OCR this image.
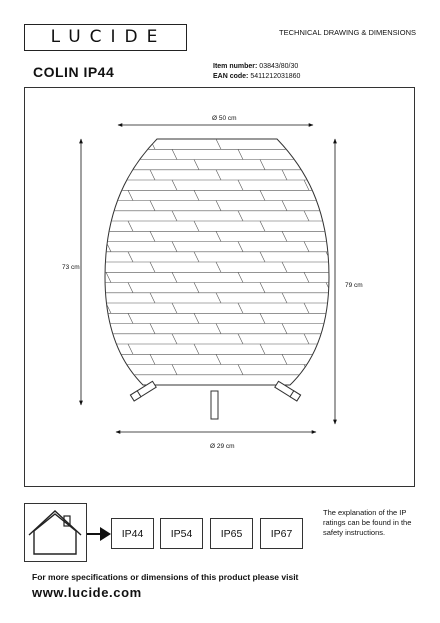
LUCIDE	TECHNICAL DRAWING & DIMENSIONS
COLIN IP44	Item number: 03843/80/30
EAN code: 5411212031860
Ø 50 cm
Ø 29 cm
73 cm
79 cm
IP44	IP54	IP65	IP67
The explanation of the IP ratings can be found in the safety instructions.
For more specifications or dimensions of this product please visit
www.lucide.com
